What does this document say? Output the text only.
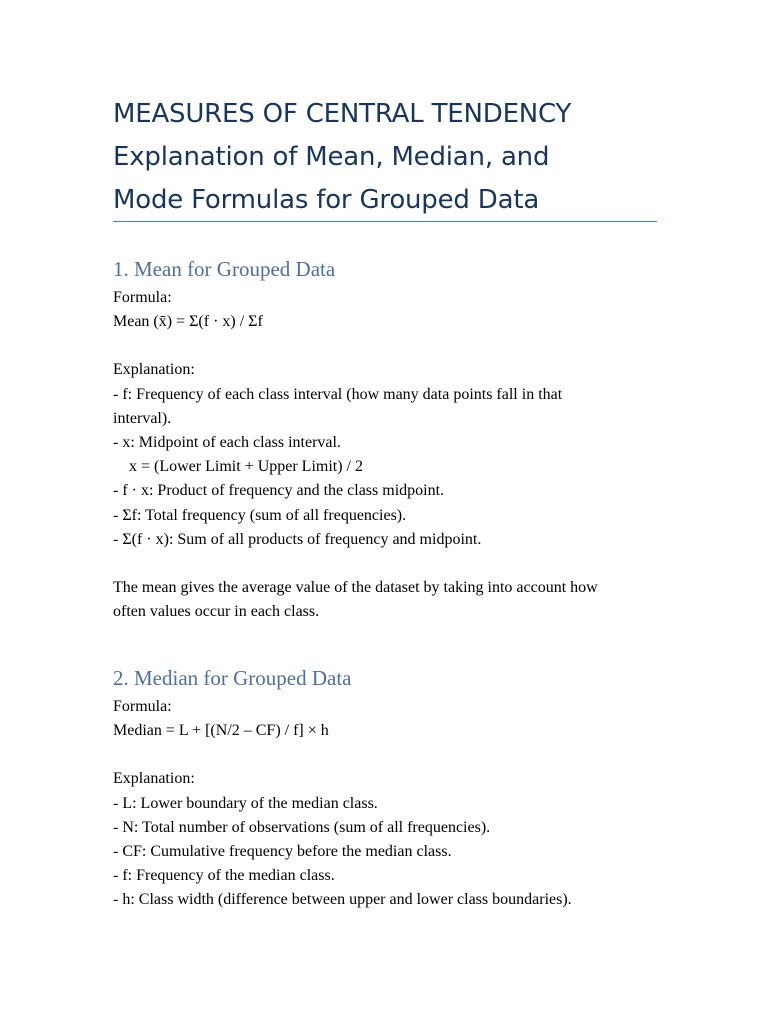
MEASURES OF CENTRAL TENDENCY
Explanation of Mean, Median, and
Mode Formulas for Grouped Data
1. Mean for Grouped Data
Formula:
Mean (x̄) = Σ(f · x) / Σf
Explanation:
- f: Frequency of each class interval (how many data points fall in that
interval).
- x: Midpoint of each class interval.
x = (Lower Limit + Upper Limit) / 2
- f · x: Product of frequency and the class midpoint.
- Σf: Total frequency (sum of all frequencies).
- Σ(f · x): Sum of all products of frequency and midpoint.
The mean gives the average value of the dataset by taking into account how
often values occur in each class.
2. Median for Grouped Data
Formula:
Median = L + [(N/2 – CF) / f] × h
Explanation:
- L: Lower boundary of the median class.
- N: Total number of observations (sum of all frequencies).
- CF: Cumulative frequency before the median class.
- f: Frequency of the median class.
- h: Class width (difference between upper and lower class boundaries).
